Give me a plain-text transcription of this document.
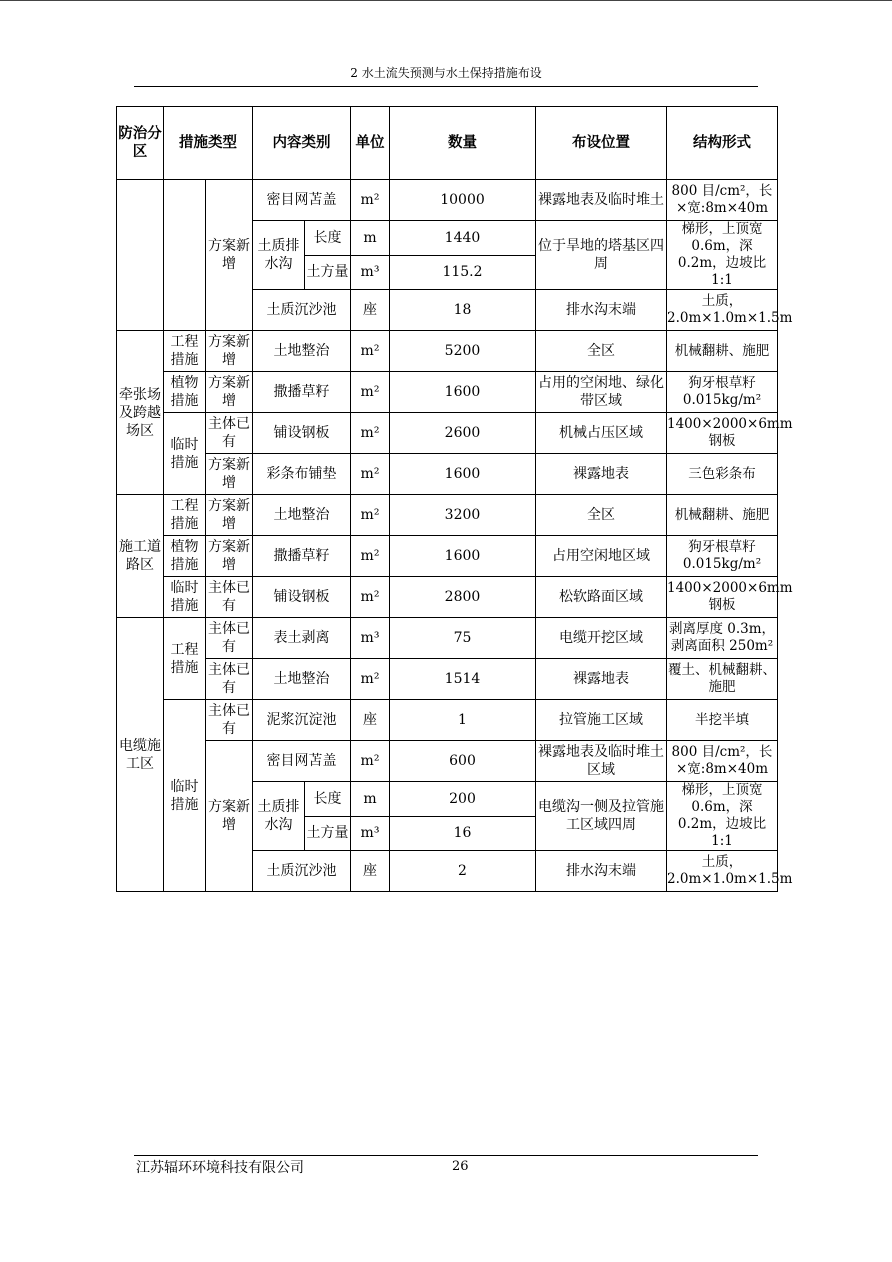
2 水土流失预测与水土保持措施布设
防治分区	措施类型		内容类别		单位	数量	布设位置	结构形式	
		方案新增	密目网苫盖		m²	10000	裸露地表及临时堆土	800 目/cm²，长×宽:8m×40m	
			土质排水沟	长度	m	1440	位于旱地的塔基区四周	梯形，上顶宽 0.6m，深 0.2m，边坡比 1:1	
				土方量	m³	115.2			
			土质沉沙池		座	18	排水沟末端	土质，2.0m×1.0m×1.5m	
牵张场及跨越场区	工程措施	方案新增	土地整治		m²	5200	全区	机械翻耕、施肥	
	植物措施	方案新增	撒播草籽		m²	1600	占用的空闲地、绿化带区域	狗牙根草籽 0.015kg/m²	
	临时措施	主体已有	铺设钢板		m²	2600	机械占压区域	1400×2000×6mm 钢板	
		方案新增	彩条布铺垫		m²	1600	裸露地表	三色彩条布	
施工道路区	工程措施	方案新增	土地整治		m²	3200	全区	机械翻耕、施肥	
	植物措施	方案新增	撒播草籽		m²	1600	占用空闲地区域	狗牙根草籽 0.015kg/m²	
	临时措施	主体已有	铺设钢板		m²	2800	松软路面区域	1400×2000×6mm 钢板	
电缆施工区	工程措施	主体已有	表土剥离		m³	75	电缆开挖区域	剥离厚度 0.3m，剥离面积 250m²	
		主体已有	土地整治		m²	1514	裸露地表	覆土、机械翻耕、施肥	
	临时措施	主体已有	泥浆沉淀池		座	1	拉管施工区域	半挖半填	
		方案新增	密目网苫盖		m²	600	裸露地表及临时堆土区域	800 目/cm²，长×宽:8m×40m	
			土质排水沟	长度	m	200	电缆沟一侧及拉管施工区域四周	梯形，上顶宽 0.6m，深 0.2m，边坡比 1:1	
				土方量	m³	16			
			土质沉沙池		座	2	排水沟末端	土质，2.0m×1.0m×1.5m	
江苏辐环环境科技有限公司	26
